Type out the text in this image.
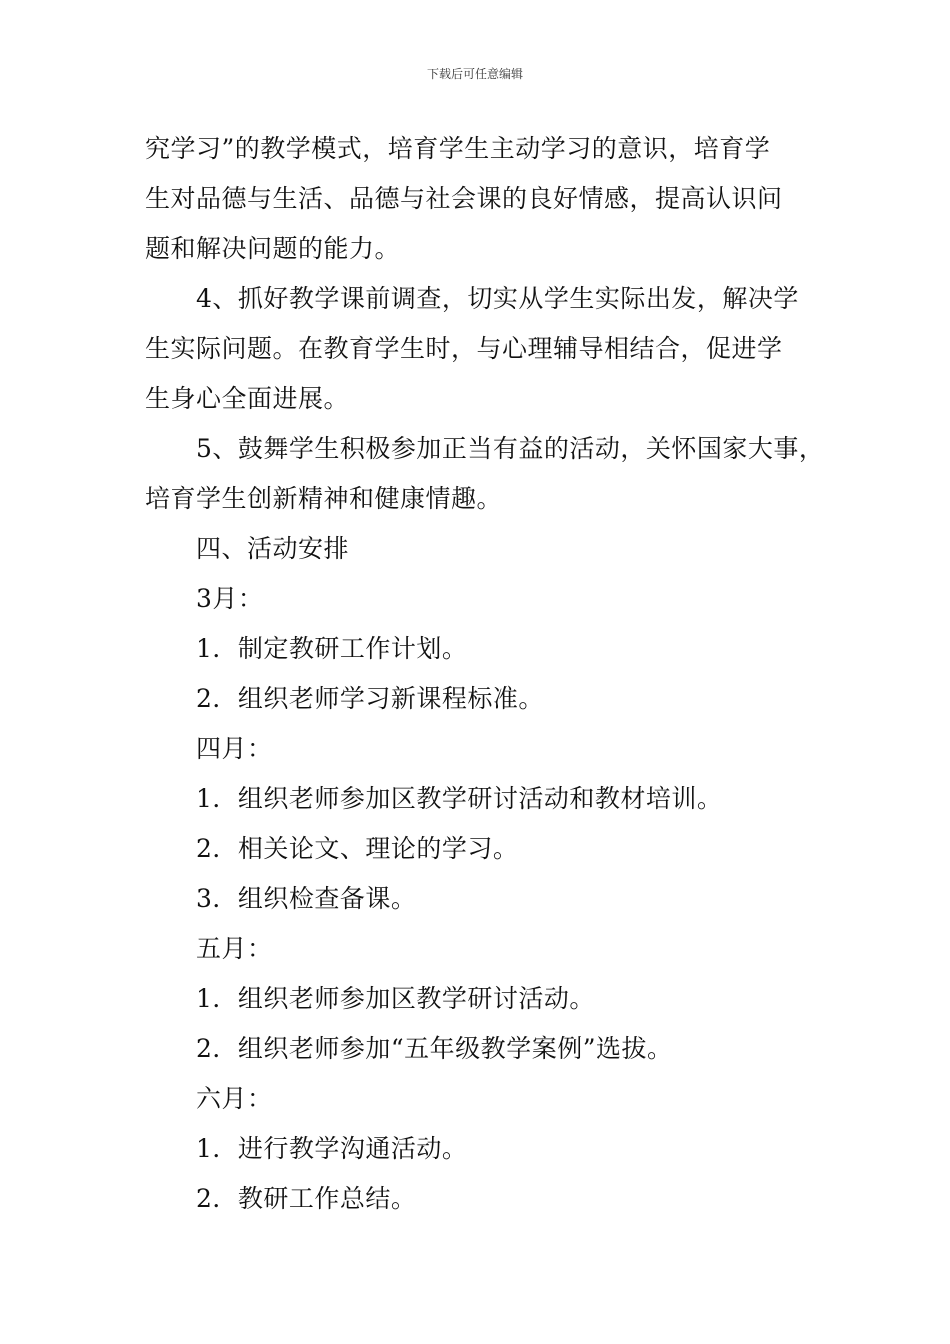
下载后可任意编辑
究学习”的教学模式，培育学生主动学习的意识，培育学
生对品德与生活、品德与社会课的良好情感，提高认识问
题和解决问题的能力。
4、抓好教学课前调查，切实从学生实际出发，解决学
生实际问题。在教育学生时，与心理辅导相结合，促进学
生身心全面进展。
5、鼓舞学生积极参加正当有益的活动，关怀国家大事，
培育学生创新精神和健康情趣。
四、活动安排
3月：
1．制定教研工作计划。
2．组织老师学习新课程标准。
四月：
1．组织老师参加区教学研讨活动和教材培训。
2．相关论文、理论的学习。
3．组织检查备课。
五月：
1．组织老师参加区教学研讨活动。
2．组织老师参加“五年级教学案例”选拔。
六月：
1．进行教学沟通活动。
2．教研工作总结。
